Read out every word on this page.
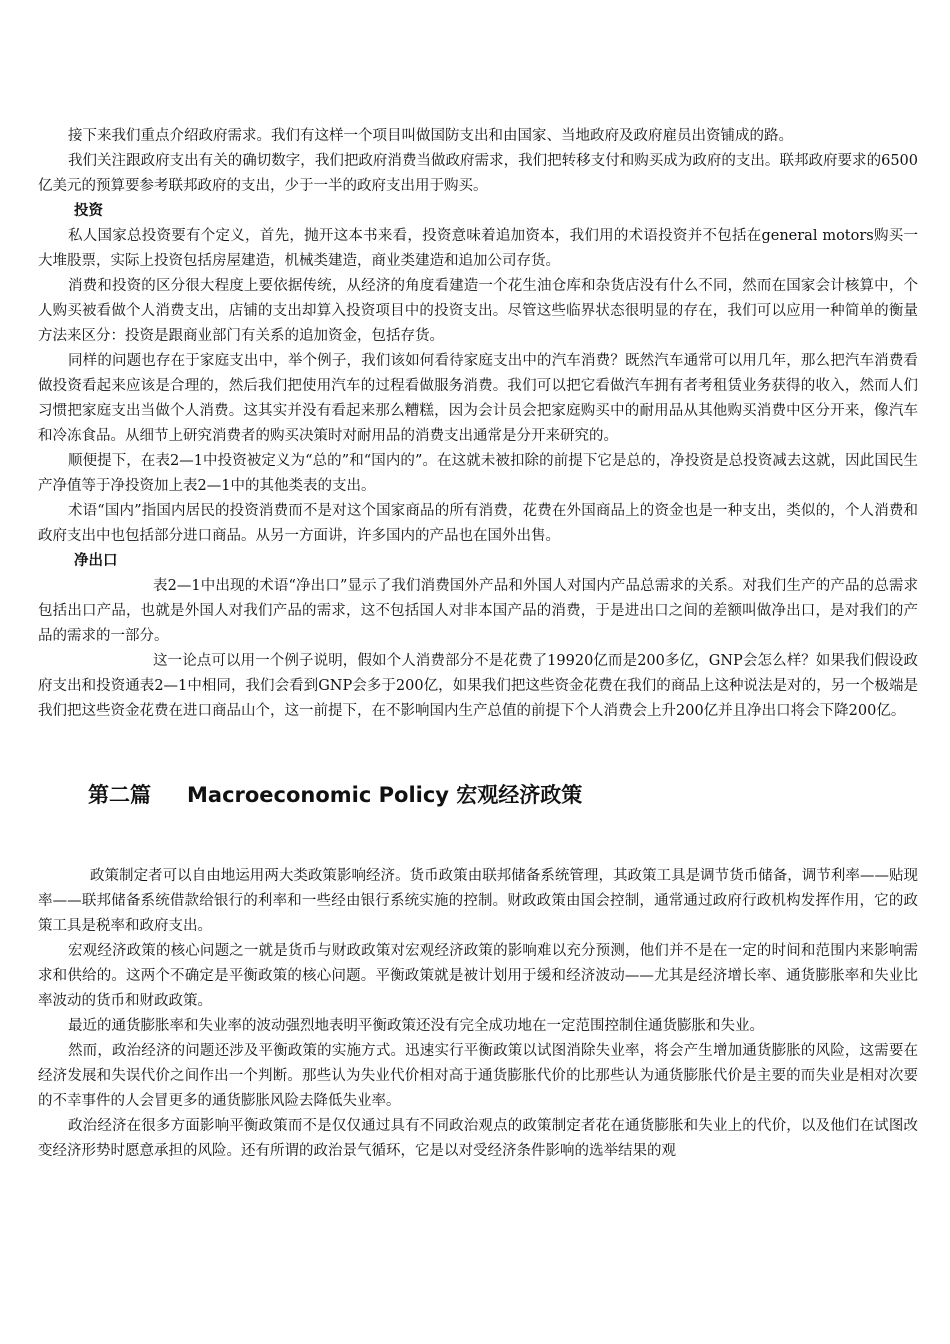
接下来我们重点介绍政府需求。我们有这样一个项目叫做国防支出和由国家、当地政府及政府雇员出资铺成的路。

我们关注跟政府支出有关的确切数字，我们把政府消费当做政府需求，我们把转移支付和购买成为政府的支出。联邦政府要求的6500亿美元的预算要参考联邦政府的支出，少于一半的政府支出用于购买。

投资

私人国家总投资要有个定义，首先，抛开这本书来看，投资意味着追加资本，我们用的术语投资并不包括在general motors购买一大堆股票，实际上投资包括房屋建造，机械类建造，商业类建造和追加公司存货。

消费和投资的区分很大程度上要依据传统，从经济的角度看建造一个花生油仓库和杂货店没有什么不同，然而在国家会计核算中，个人购买被看做个人消费支出，店铺的支出却算入投资项目中的投资支出。尽管这些临界状态很明显的存在，我们可以应用一种简单的衡量方法来区分：投资是跟商业部门有关系的追加资金，包括存货。

同样的问题也存在于家庭支出中，举个例子，我们该如何看待家庭支出中的汽车消费？既然汽车通常可以用几年，那么把汽车消费看做投资看起来应该是合理的，然后我们把使用汽车的过程看做服务消费。我们可以把它看做汽车拥有者考租赁业务获得的收入，然而人们习惯把家庭支出当做个人消费。这其实并没有看起来那么糟糕，因为会计员会把家庭购买中的耐用品从其他购买消费中区分开来，像汽车和冷冻食品。从细节上研究消费者的购买决策时对耐用品的消费支出通常是分开来研究的。

顺便提下，在表2—1中投资被定义为“总的”和“国内的”。在这就未被扣除的前提下它是总的，净投资是总投资减去这就，因此国民生产净值等于净投资加上表2—1中的其他类表的支出。

术语“国内”指国内居民的投资消费而不是对这个国家商品的所有消费，花费在外国商品上的资金也是一种支出，类似的，个人消费和政府支出中也包括部分进口商品。从另一方面讲，许多国内的产品也在国外出售。

净出口

表2—1中出现的术语“净出口”显示了我们消费国外产品和外国人对国内产品总需求的关系。对我们生产的产品的总需求包括出口产品，也就是外国人对我们产品的需求，这不包括国人对非本国产品的消费，于是进出口之间的差额叫做净出口，是对我们的产品的需求的一部分。

这一论点可以用一个例子说明，假如个人消费部分不是花费了19920亿而是200多亿，GNP会怎么样？如果我们假设政府支出和投资通表2—1中相同，我们会看到GNP会多于200亿，如果我们把这些资金花费在我们的商品上这种说法是对的，另一个极端是我们把这些资金花费在进口商品山个，这一前提下，在不影响国内生产总值的前提下个人消费会上升200亿并且净出口将会下降200亿。

第二篇 Macroeconomic Policy 宏观经济政策

政策制定者可以自由地运用两大类政策影响经济。货币政策由联邦储备系统管理，其政策工具是调节货币储备，调节利率——贴现率——联邦储备系统借款给银行的利率和一些经由银行系统实施的控制。财政政策由国会控制，通常通过政府行政机构发挥作用，它的政策工具是税率和政府支出。

宏观经济政策的核心问题之一就是货币与财政政策对宏观经济政策的影响难以充分预测，他们并不是在一定的时间和范围内来影响需求和供给的。这两个不确定是平衡政策的核心问题。平衡政策就是被计划用于缓和经济波动——尤其是经济增长率、通货膨胀率和失业比率波动的货币和财政政策。

最近的通货膨胀率和失业率的波动强烈地表明平衡政策还没有完全成功地在一定范围控制住通货膨胀和失业。

然而，政治经济的问题还涉及平衡政策的实施方式。迅速实行平衡政策以试图消除失业率，将会产生增加通货膨胀的风险，这需要在经济发展和失误代价之间作出一个判断。那些认为失业代价相对高于通货膨胀代价的比那些认为通货膨胀代价是主要的而失业是相对次要的不幸事件的人会冒更多的通货膨胀风险去降低失业率。

政治经济在很多方面影响平衡政策而不是仅仅通过具有不同政治观点的政策制定者花在通货膨胀和失业上的代价，以及他们在试图改变经济形势时愿意承担的风险。还有所谓的政治景气循环，它是以对受经济条件影响的选举结果的观
